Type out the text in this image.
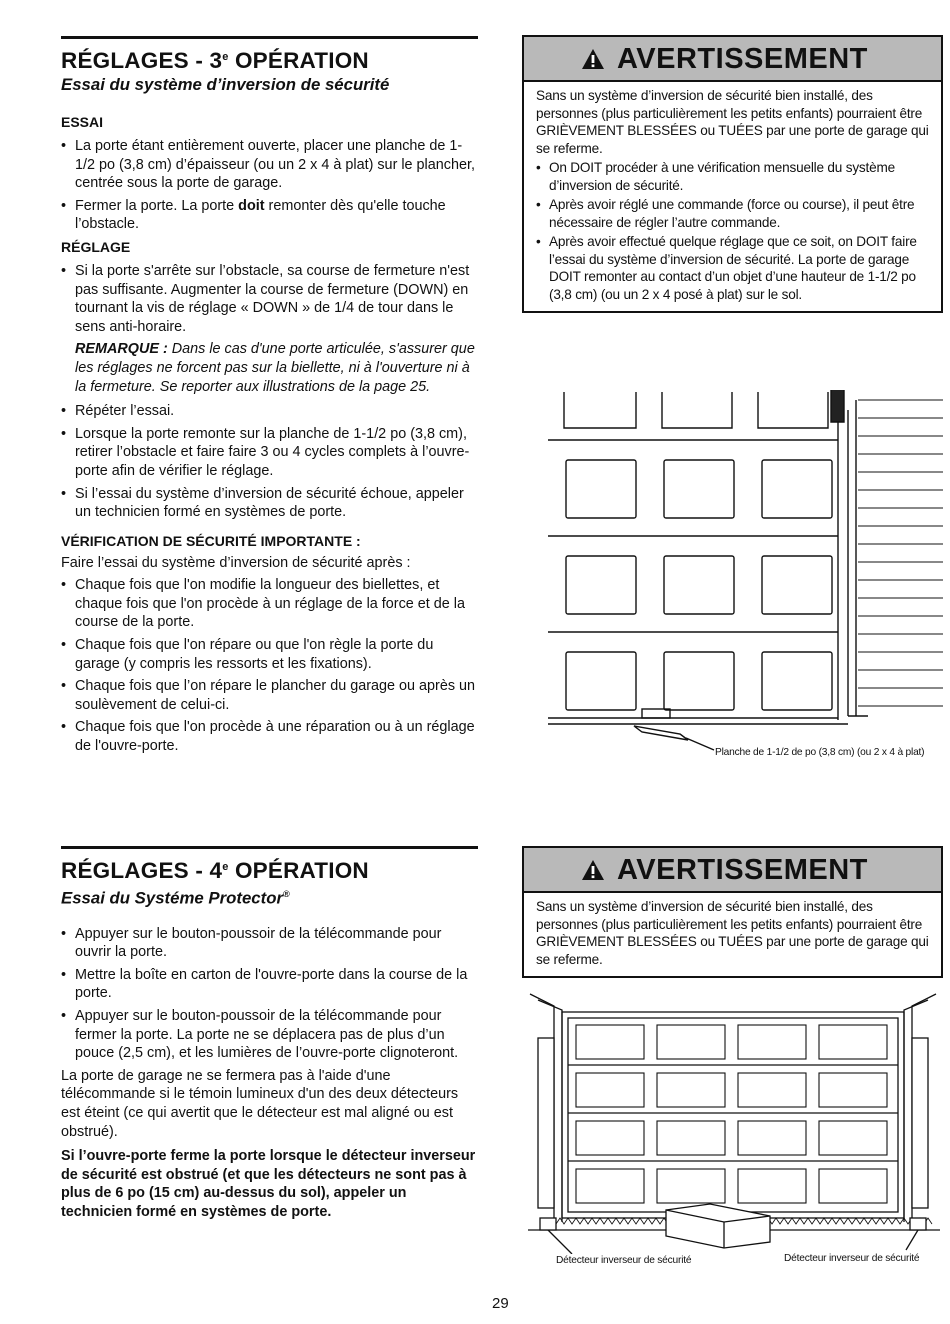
RÉGLAGES - 3e OPÉRATION
Essai du système d’inversion de sécurité

ESSAI

• La porte étant entièrement ouverte, placer une planche de 1-1/2 po (3,8 cm) d’épaisseur (ou un 2 x 4 à plat) sur le plancher, centrée sous la porte de garage.
• Fermer la porte. La porte doit remonter dès qu'elle touche l’obstacle.

RÉGLAGE

• Si la porte s'arrête sur l’obstacle, sa course de fermeture n'est pas suffisante. Augmenter la course de fermeture (DOWN) en tournant la vis de réglage « DOWN » de 1/4 de tour dans le sens anti-horaire.
REMARQUE : Dans le cas d'une porte articulée, s'assurer que les réglages ne forcent pas sur la biellette, ni à l'ouverture ni à la fermeture. Se reporter aux illustrations de la page 25.
• Répéter l’essai.
• Lorsque la porte remonte sur la planche de 1-1/2 po (3,8 cm), retirer l’obstacle et faire faire 3 ou 4 cycles complets à l’ouvre-porte afin de vérifier le réglage.
• Si l’essai du système d’inversion de sécurité échoue, appeler un technicien formé en systèmes de porte.

VÉRIFICATION DE SÉCURITÉ IMPORTANTE :

Faire l’essai du système d’inversion de sécurité après :
• Chaque fois que l'on modifie la longueur des biellettes, et chaque fois que l'on procède à un réglage de la force et de la course de la porte.
• Chaque fois que l'on répare ou que l'on règle la porte du garage (y compris les ressorts et les fixations).
• Chaque fois que l’on répare le plancher du garage ou après un soulèvement de celui-ci.
• Chaque fois que l'on procède à une réparation ou à un réglage de l'ouvre-porte.
RÉGLAGES - 4e OPÉRATION
Essai du Systéme Protector®
• Appuyer sur le bouton-poussoir de la télécommande pour ouvrir la porte.
• Mettre la boîte en carton de l'ouvre-porte dans la course de la porte.
• Appuyer sur le bouton-poussoir de la télécommande pour fermer la porte. La porte ne se déplacera pas de plus d’un pouce (2,5 cm), et les lumières de l’ouvre-porte clignoteront.
La porte de garage ne se fermera pas à l'aide d'une télécommande si le témoin lumineux d'un des deux détecteurs est éteint (ce qui avertit que le détecteur est mal aligné ou est obstrué).
Si l’ouvre-porte ferme la porte lorsque le détecteur inverseur de sécurité est obstrué (et que les détecteurs ne sont pas à plus de 6 po (15 cm) au-dessus du sol), appeler un technicien formé en systèmes de porte.
AVERTISSEMENT
Sans un système d’inversion de sécurité bien installé, des personnes (plus particulièrement les petits enfants) pourraient être GRIÈVEMENT BLESSÉES ou TUÉES par une porte de garage qui se referme.
• On DOIT procéder à une vérification mensuelle du système d’inversion de sécurité.
• Après avoir réglé une commande (force ou course), il peut être nécessaire de régler l’autre commande.
• Après avoir effectué quelque réglage que ce soit, on DOIT faire l’essai du système d’inversion de sécurité. La porte de garage DOIT remonter au contact d’un objet d’une hauteur de 1-1/2 po (3,8 cm) (ou un 2 x 4 posé à plat) sur le sol.
Planche de 1-1/2 de po (3,8 cm) (ou 2 x 4 à plat)
AVERTISSEMENT
Sans un système d’inversion de sécurité bien installé, des personnes (plus particulièrement les petits enfants) pourraient être GRIÈVEMENT BLESSÉES ou TUÉES par une porte de garage qui se referme.
Détecteur inverseur de sécurité	Détecteur inverseur de sécurité
29
